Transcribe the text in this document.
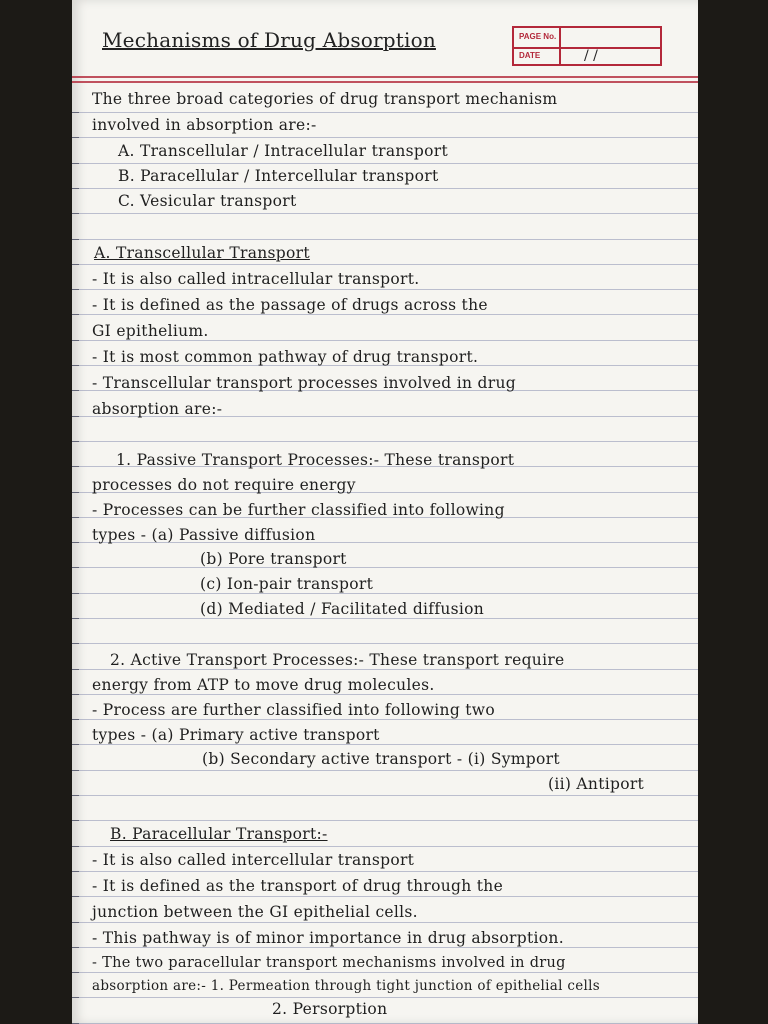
Mechanisms of Drug Absorption	PAGE No.
DATE	/ /
The three broad categories of drug transport mechanism
involved in absorption are:-
A. Transcellular / Intracellular transport
B. Paracellular / Intercellular transport
C. Vesicular transport
A. Transcellular Transport
- It is also called intracellular transport.
- It is defined as the passage of drugs across the
GI epithelium.
- It is most common pathway of drug transport.
- Transcellular transport processes involved in drug
absorption are:-
1. Passive Transport Processes:- These transport
processes do not require energy
- Processes can be further classified into following
types - (a) Passive diffusion
(b) Pore transport
(c) Ion-pair transport
(d) Mediated / Facilitated diffusion
2. Active Transport Processes:- These transport require
energy from ATP to move drug molecules.
- Process are further classified into following two
types - (a) Primary active transport
(b) Secondary active transport - (i) Symport
(ii) Antiport
B. Paracellular Transport:-
- It is also called intercellular transport
- It is defined as the transport of drug through the
junction between the GI epithelial cells.
- This pathway is of minor importance in drug absorption.
- The two paracellular transport mechanisms involved in drug
absorption are:- 1. Permeation through tight junction of epithelial cells
2. Persorption
